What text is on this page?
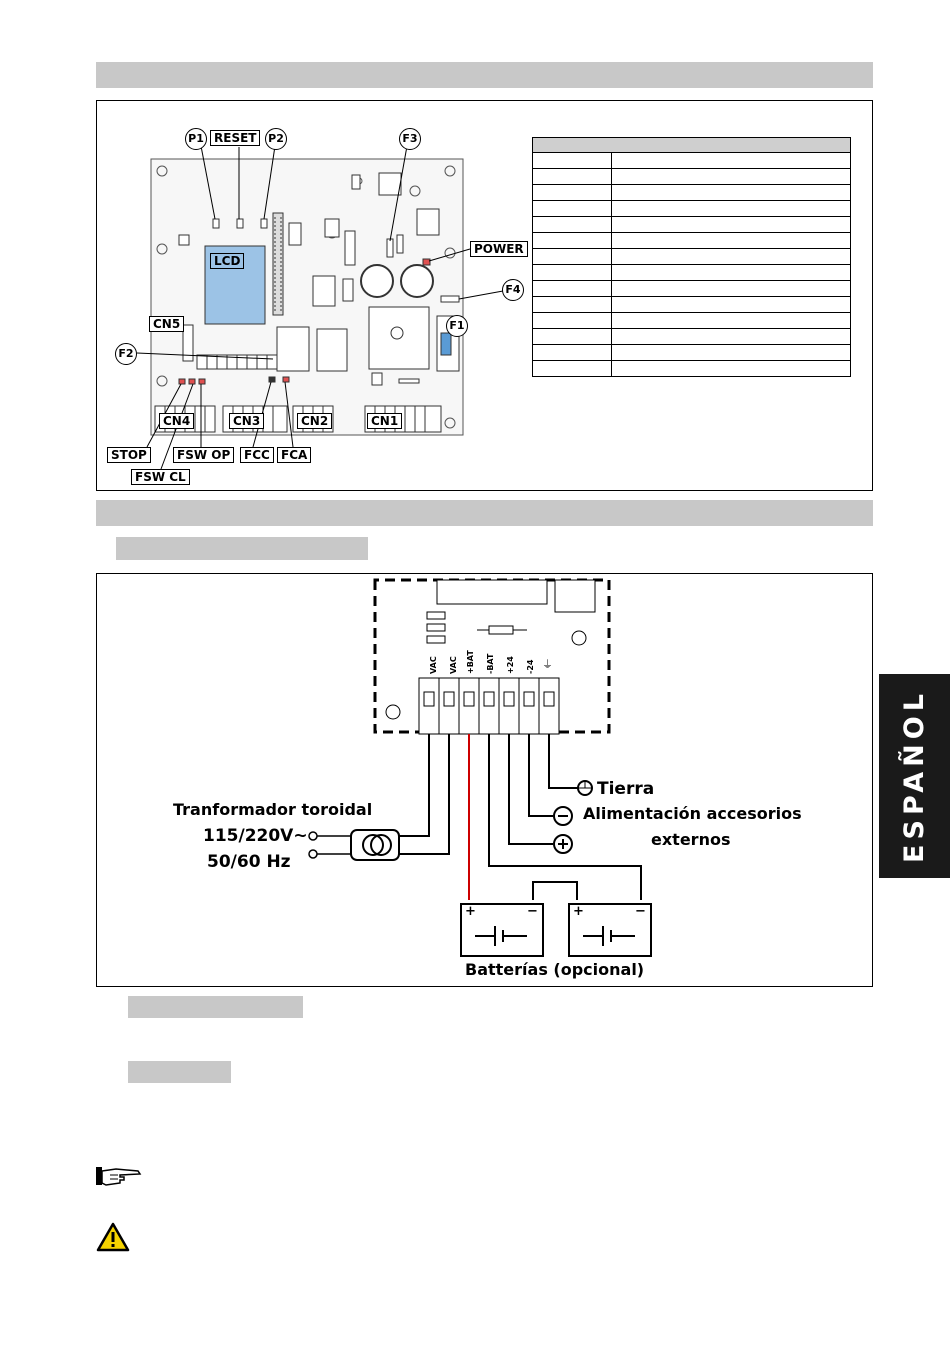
P1 RESET	P2	F3
LCD
POWER
F4
F1
CN5
F2
CN4	CN3	CN2	CN1
STOP	FSW OP
FSW CL
FCC FCA

VAC VAC +BAT -BAT +24 -24 ⏚
Tierra
Alimentación accesorios
externos
Tranformador toroidal
115/220V~
50/60 Hz
+	−	+	−
Batterías (opcional)
ESPAÑOL
